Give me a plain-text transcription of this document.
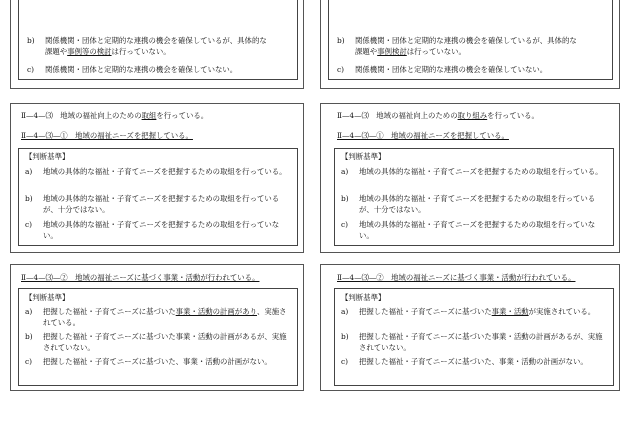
b) 関係機関・団体と定期的な連携の機会を確保しているが、具体的な
課題や事例等の検討は行っていない。
c) 関係機関・団体と定期的な連携の機会を確保していない。
Ⅱ—4—⑶　地域の福祉向上のための取組を行っている。
Ⅱ—4—⑶—①　地域の福祉ニーズを把握している。
【判断基準】
a) 地域の具体的な福祉・子育てニーズを把握するための取組を行っている。
b) 地域の具体的な福祉・子育てニーズを把握するための取組を行っているが、十分ではない。
c) 地域の具体的な福祉・子育てニーズを把握するための取組を行っていない。
Ⅱ—4—⑶—②　地域の福祉ニーズに基づく事業・活動が行われている。
【判断基準】
a) 把握した福祉・子育てニーズに基づいた事業・活動の計画があり、実施されている。
b) 把握した福祉・子育てニーズに基づいた事業・活動の計画があるが、実施されていない。
c) 把握した福祉・子育てニーズに基づいた、事業・活動の計画がない。
b) 関係機関・団体と定期的な連携の機会を確保しているが、具体的な
課題や事例検討は行っていない。
c) 関係機関・団体と定期的な連携の機会を確保していない。
Ⅱ—4—⑶　地域の福祉向上のための取り組みを行っている。
Ⅱ—4—⑶—①　地域の福祉ニーズを把握している。
【判断基準】
a) 地域の具体的な福祉・子育てニーズを把握するための取組を行っている。
b) 地域の具体的な福祉・子育てニーズを把握するための取組を行っているが、十分ではない。
c) 地域の具体的な福祉・子育てニーズを把握するための取組を行っていない。
Ⅱ—4—⑶—②　地域の福祉ニーズに基づく事業・活動が行われている。
【判断基準】
a) 把握した福祉・子育てニーズに基づいた事業・活動が実施されている。
b) 把握した福祉・子育てニーズに基づいた事業・活動の計画があるが、実施されていない。
c) 把握した福祉・子育てニーズに基づいた、事業・活動の計画がない。
